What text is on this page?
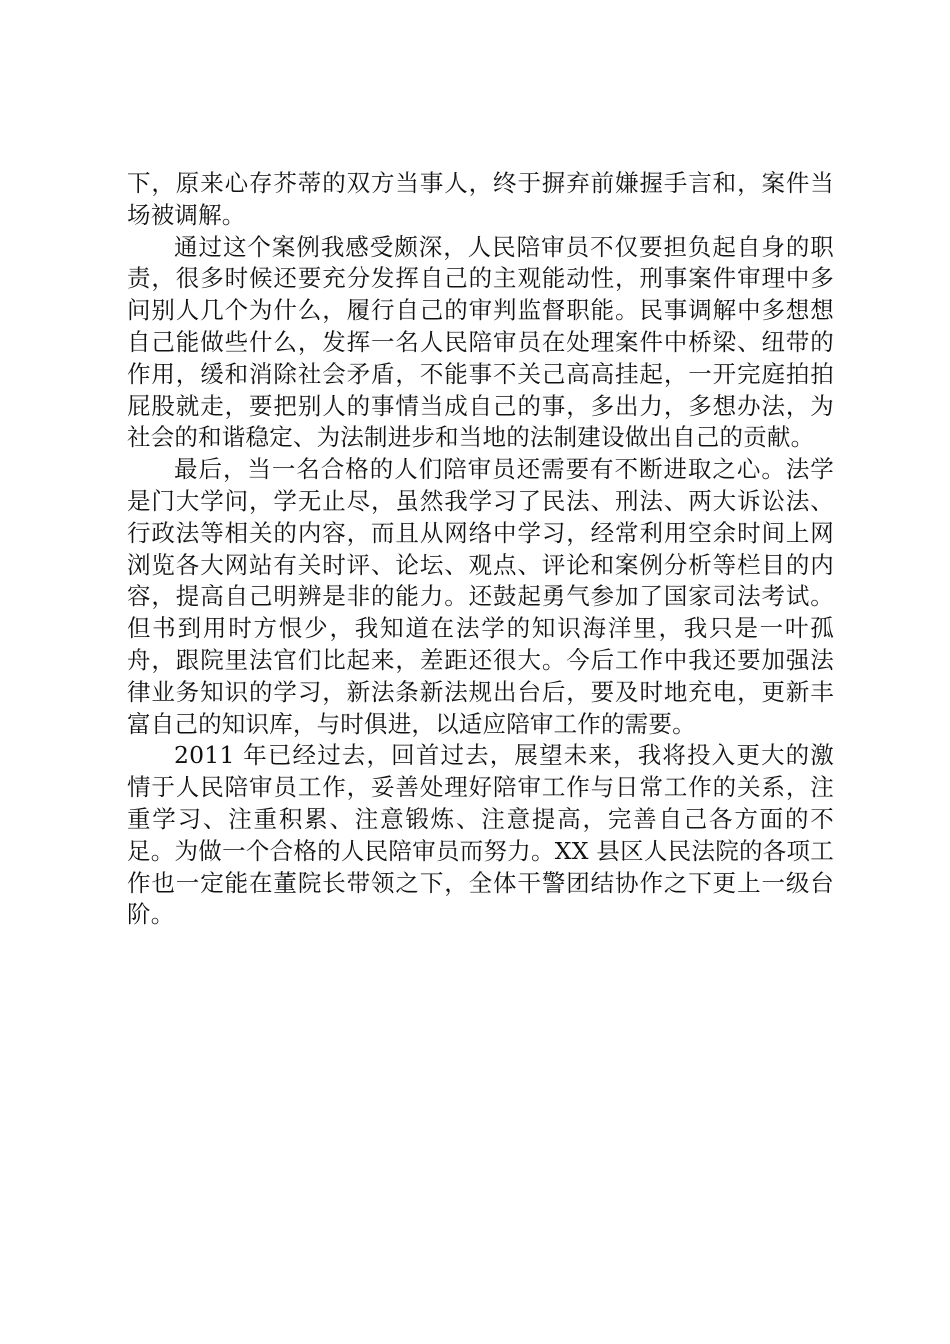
下，原来心存芥蒂的双方当事人，终于摒弃前嫌握手言和，案件当场被调解。

通过这个案例我感受颇深，人民陪审员不仅要担负起自身的职责，很多时候还要充分发挥自己的主观能动性，刑事案件审理中多问别人几个为什么，履行自己的审判监督职能。民事调解中多想想自己能做些什么，发挥一名人民陪审员在处理案件中桥梁、纽带的作用，缓和消除社会矛盾，不能事不关己高高挂起，一开完庭拍拍屁股就走，要把别人的事情当成自己的事，多出力，多想办法，为社会的和谐稳定、为法制进步和当地的法制建设做出自己的贡献。

最后，当一名合格的人们陪审员还需要有不断进取之心。法学是门大学问，学无止尽，虽然我学习了民法、刑法、两大诉讼法、行政法等相关的内容，而且从网络中学习，经常利用空余时间上网浏览各大网站有关时评、论坛、观点、评论和案例分析等栏目的内容，提高自己明辨是非的能力。还鼓起勇气参加了国家司法考试。但书到用时方恨少，我知道在法学的知识海洋里，我只是一叶孤舟，跟院里法官们比起来，差距还很大。今后工作中我还要加强法律业务知识的学习，新法条新法规出台后，要及时地充电，更新丰富自己的知识库，与时俱进，以适应陪审工作的需要。

2011 年已经过去，回首过去，展望未来，我将投入更大的激情于人民陪审员工作，妥善处理好陪审工作与日常工作的关系，注重学习、注重积累、注意锻炼、注意提高，完善自己各方面的不足。为做一个合格的人民陪审员而努力。XX 县区人民法院的各项工作也一定能在董院长带领之下，全体干警团结协作之下更上一级台阶。
